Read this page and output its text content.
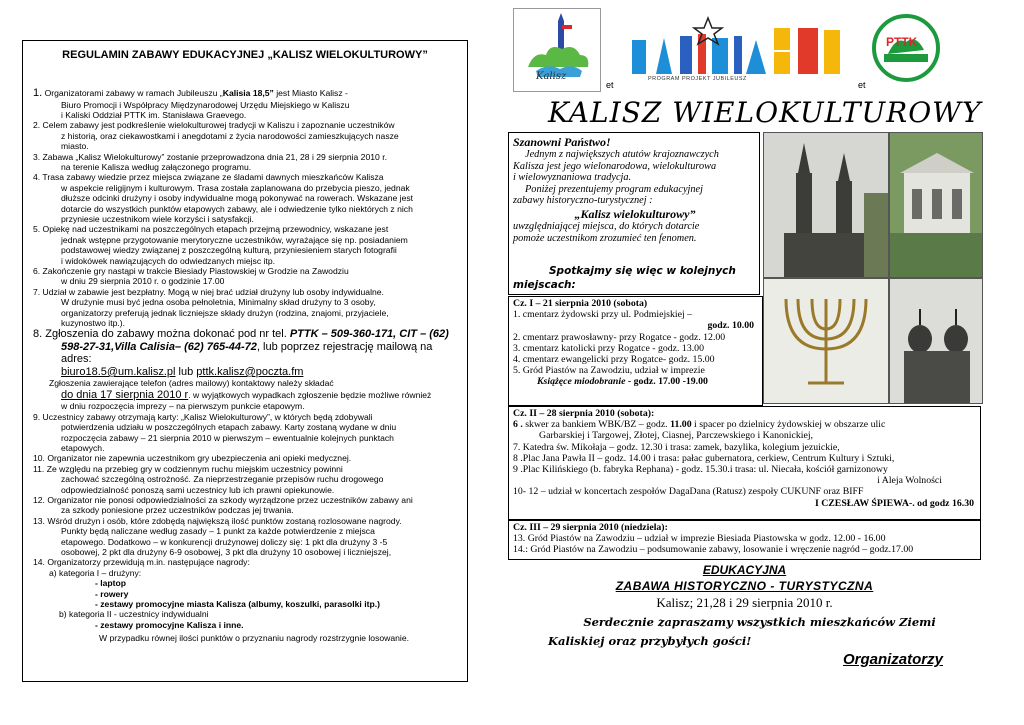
REGULAMIN ZABAWY EDUKACYJNEJ „KALISZ WIELOKULTUROWY”

1. Organizatorami zabawy w ramach Jubileuszu „Kalisia 18,5” jest Miasto Kalisz -

Biuro Promocji i Współpracy Międzynarodowej Urzędu Miejskiego w Kaliszu

i Kaliski Oddział PTTK im. Stanisława Graevego.

2. Celem zabawy jest podkreślenie wielokulturowej tradycji w Kaliszu i zapoznanie uczestników

z historią, oraz ciekawostkami i anegdotami z życia narodowości zamieszkujących nasze

miasto.

3. Zabawa „Kalisz Wielokulturowy” zostanie przeprowadzona dnia 21, 28 i 29 sierpnia 2010 r.

na terenie Kalisza według załączonego programu.

4. Trasa zabawy wiedzie przez miejsca związane ze śladami dawnych mieszkańców Kalisza

w aspekcie religijnym i kulturowym. Trasa została zaplanowana do przebycia pieszo, jednak

dłuższe odcinki drużyny i osoby indywidualne mogą pokonywać na rowerach. Wskazane jest

dotarcie do wszystkich punktów etapowych zabawy, ale i odwiedzenie tylko niektórych z nich

przyniesie uczestnikom wiele korzyści i satysfakcji.

5. Opiekę nad uczestnikami na poszczególnych etapach przejmą przewodnicy, wskazane jest

jednak wstępne przygotowanie merytoryczne uczestników, wyrażające się np. posiadaniem

podstawowej wiedzy związanej z poszczególną kulturą, przyniesieniem starych fotografii

i widokówek nawiązujących do odwiedzanych miejsc itp.

6. Zakończenie gry nastąpi w trakcie Biesiady Piastowskiej w Grodzie na Zawodziu

w dniu 29 sierpnia 2010 r. o godzinie 17.00

7. Udział w zabawie jest bezpłatny. Mogą w niej brać udział drużyny lub osoby indywidualne.

W drużynie musi być jedna osoba pełnoletnia, Minimalny skład drużyny to 3 osoby,

organizatorzy preferują jednak liczniejsze składy drużyn (rodzina, znajomi, przyjaciele,

kuzynostwo itp.).

8. Zgłoszenia do zabawy można dokonać pod nr tel. PTTK – 509-360-171, CIT – (62)

598-27-31,Villa Calisia– (62) 765-44-72, lub poprzez rejestrację mailową na adres:

biuro18.5@um.kalisz.pl lub pttk.kalisz@poczta.fm

Zgłoszenia zawierające telefon (adres mailowy) kontaktowy należy składać

do dnia 17 sierpnia 2010 r. w wyjątkowych wypadkach zgłoszenie będzie możliwe również

w dniu rozpoczęcia imprezy – na pierwszym punkcie etapowym.

9. Uczestnicy zabawy otrzymają karty: „Kalisz Wielokulturowy”, w których będą zdobywali

potwierdzenia udziału w poszczególnych etapach zabawy. Karty zostaną wydane w dniu

rozpoczęcia zabawy – 21 sierpnia 2010 w pierwszym – ewentualnie kolejnych punktach

etapowych.

10. Organizator nie zapewnia uczestnikom gry ubezpieczenia ani opieki medycznej.

11. Ze względu na przebieg gry w codziennym ruchu miejskim uczestnicy powinni

zachować szczególną ostrożność. Za nieprzestrzeganie przepisów ruchu drogowego

odpowiedzialność ponoszą sami uczestnicy lub ich prawni opiekunowie.

12. Organizator nie ponosi odpowiedzialności za szkody wyrządzone przez uczestników zabawy ani

za szkody poniesione przez uczestników podczas jej trwania.

13. Wśród drużyn i osób, które zdobędą największą ilość punktów zostaną rozlosowane nagrody.

Punkty będą naliczane według zasady – 1 punkt za każde potwierdzenie z miejsca

etapowego. Dodatkowo – w konkurencji drużynowej doliczy się: 1 pkt dla drużyny 3 -5

osobowej, 2 pkt dla drużyny 6-9 osobowej, 3 pkt dla drużyny 10 osobowej i liczniejszej,

14. Organizatorzy przewidują m.in. następujące nagrody:

a) kategoria I – drużyny:

- laptop

- rowery

- zestawy promocyjne miasta Kalisza (albumy, koszulki, parasolki itp.)

b) kategoria II - uczestnicy indywidualni

- zestawy promocyjne Kalisza i inne.

W przypadku równej ilości punktów o przyznaniu nagrody rozstrzygnie losowanie.

Kalisz
et
PROGRAM PROJEKT JUBILEUSZ
et
PTTK
KALISZ WIELOKULTUROWY
Szanowni Państwo!
Jednym z największych atutów krajoznawczych
Kalisza jest jego wielonarodowa, wielokulturowa
i wielowyznaniowa tradycja.
Poniżej prezentujemy program edukacyjnej
zabawy historyczno-turystycznej :
„Kalisz wielokulturowy”
uwzględniającej miejsca, do których dotarcie
pomoże uczestnikom zrozumieć ten fenomen.
Spotkajmy się więc w kolejnych
miejscach:

Cz. I – 21 sierpnia 2010 (sobota)

1. cmentarz żydowski przy ul. Podmiejskiej –

godz. 10.00

2. cmentarz prawosławny- przy Rogatce - godz. 12.00

3. cmentarz katolicki przy Rogatce - godz. 13.00

4. cmentarz ewangelicki przy Rogatce- godz. 15.00

5. Gród Piastów na Zawodziu, udział w imprezie

Książęce miodobranie - godz. 17.00 -19.00

Cz. II – 28 sierpnia 2010 (sobota):

6 . skwer za bankiem WBK/BZ – godz. 11.00 i spacer po dzielnicy żydowskiej w obszarze ulic

Garbarskiej i Targowej, Złotej, Ciasnej, Parczewskiego i Kanonickiej,

7. Katedra św. Mikołaja – godz. 12.30 i trasa: zamek, bazylika, kolegium jezuickie,

8 .Plac Jana Pawła II – godz. 14.00 i trasa: pałac gubernatora, cerkiew, Centrum Kultury i Sztuki,

9 .Plac Kilińskiego (b. fabryka Rephana) - godz. 15.30.i trasa: ul. Niecała, kościół garnizonowy

i Aleja Wolności

10- 12 – udział w koncertach zespołów DagaDana (Ratusz) zespoły CUKUNF oraz BIFF

I CZESŁAW ŚPIEWA-. od godz 16.30

Cz. III – 29 sierpnia 2010 (niedziela):

13. Gród Piastów na Zawodziu – udział w imprezie Biesiada Piastowska w godz. 12.00 - 16.00

14.: Gród Piastów na Zawodziu – podsumowanie zabawy, losowanie i wręczenie nagród – godz.17.00

EDUKACYJNA
ZABAWA HISTORYCZNO - TURYSTYCZNA
Kalisz; 21,28 i 29 sierpnia 2010 r.
Serdecznie zapraszamy wszystkich mieszkańców Ziemi
Kaliskiej oraz przybyłych gości!
Organizatorzy
